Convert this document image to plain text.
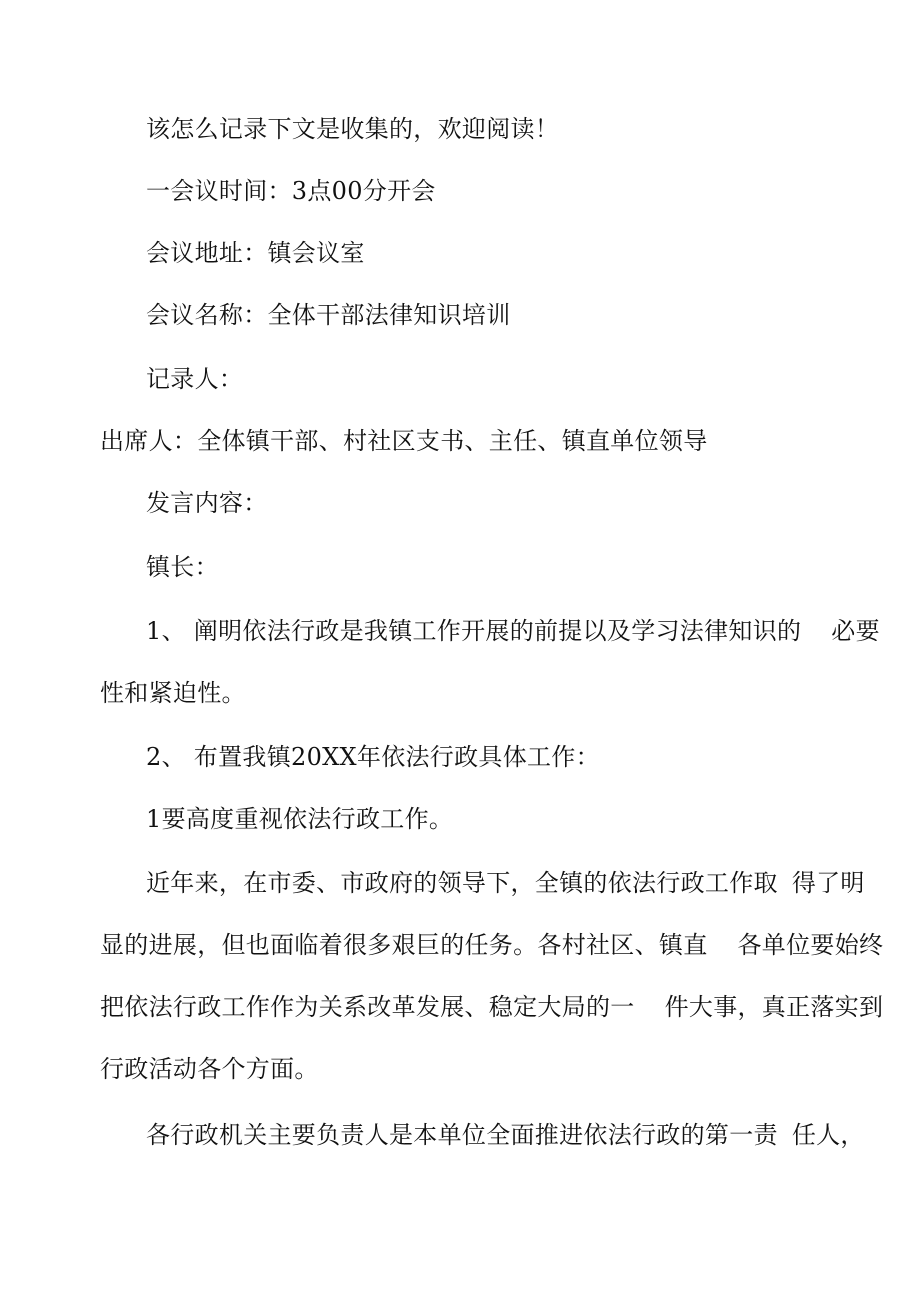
该怎么记录下文是收集的，欢迎阅读！
一会议时间：3点00分开会
会议地址：镇会议室
会议名称：全体干部法律知识培训
记录人：
出席人：全体镇干部、村社区支书、主任、镇直单位领导
发言内容：
镇长：
1、 阐明依法行政是我镇工作开展的前提以及学习法律知识的 必要
性和紧迫性。
2、 布置我镇20XX年依法行政具体工作：
1要高度重视依法行政工作。
近年来，在市委、市政府的领导下，全镇的依法行政工作取 得了明
显的进展，但也面临着很多艰巨的任务。各村社区、镇直 各单位要始终
把依法行政工作作为关系改革发展、稳定大局的一 件大事，真正落实到
行政活动各个方面。
各行政机关主要负责人是本单位全面推进依法行政的第一责 任人，
